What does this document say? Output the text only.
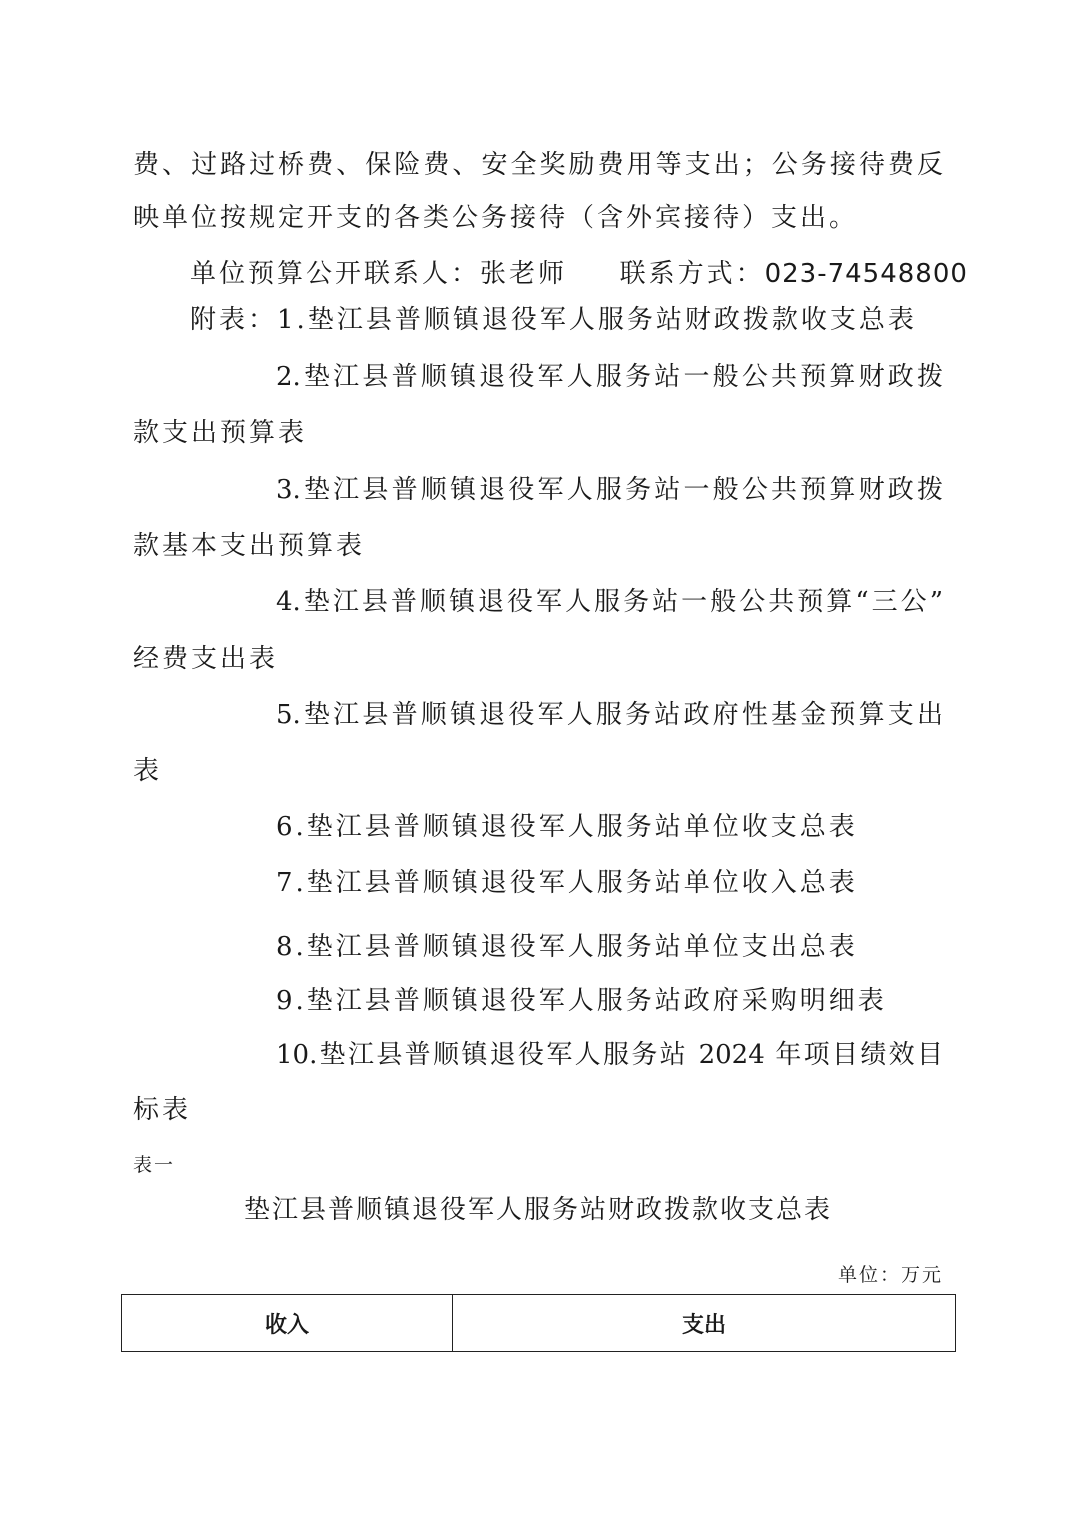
费、过路过桥费、保险费、安全奖励费用等支出；公务接待费反

映单位按规定开支的各类公务接待（含外宾接待）支出。

单位预算公开联系人：张老师 联系方式：023-74548800

附表：1.垫江县普顺镇退役军人服务站财政拨款收支总表

2.垫江县普顺镇退役军人服务站一般公共预算财政拨

款支出预算表

3.垫江县普顺镇退役军人服务站一般公共预算财政拨

款基本支出预算表

4.垫江县普顺镇退役军人服务站一般公共预算“三公”

经费支出表

5.垫江县普顺镇退役军人服务站政府性基金预算支出

表

6.垫江县普顺镇退役军人服务站单位收支总表

7.垫江县普顺镇退役军人服务站单位收入总表

8.垫江县普顺镇退役军人服务站单位支出总表

9.垫江县普顺镇退役军人服务站政府采购明细表

10.垫江县普顺镇退役军人服务站 2024 年项目绩效目

标表

表一

垫江县普顺镇退役军人服务站财政拨款收支总表

单位：万元

收入	支出
